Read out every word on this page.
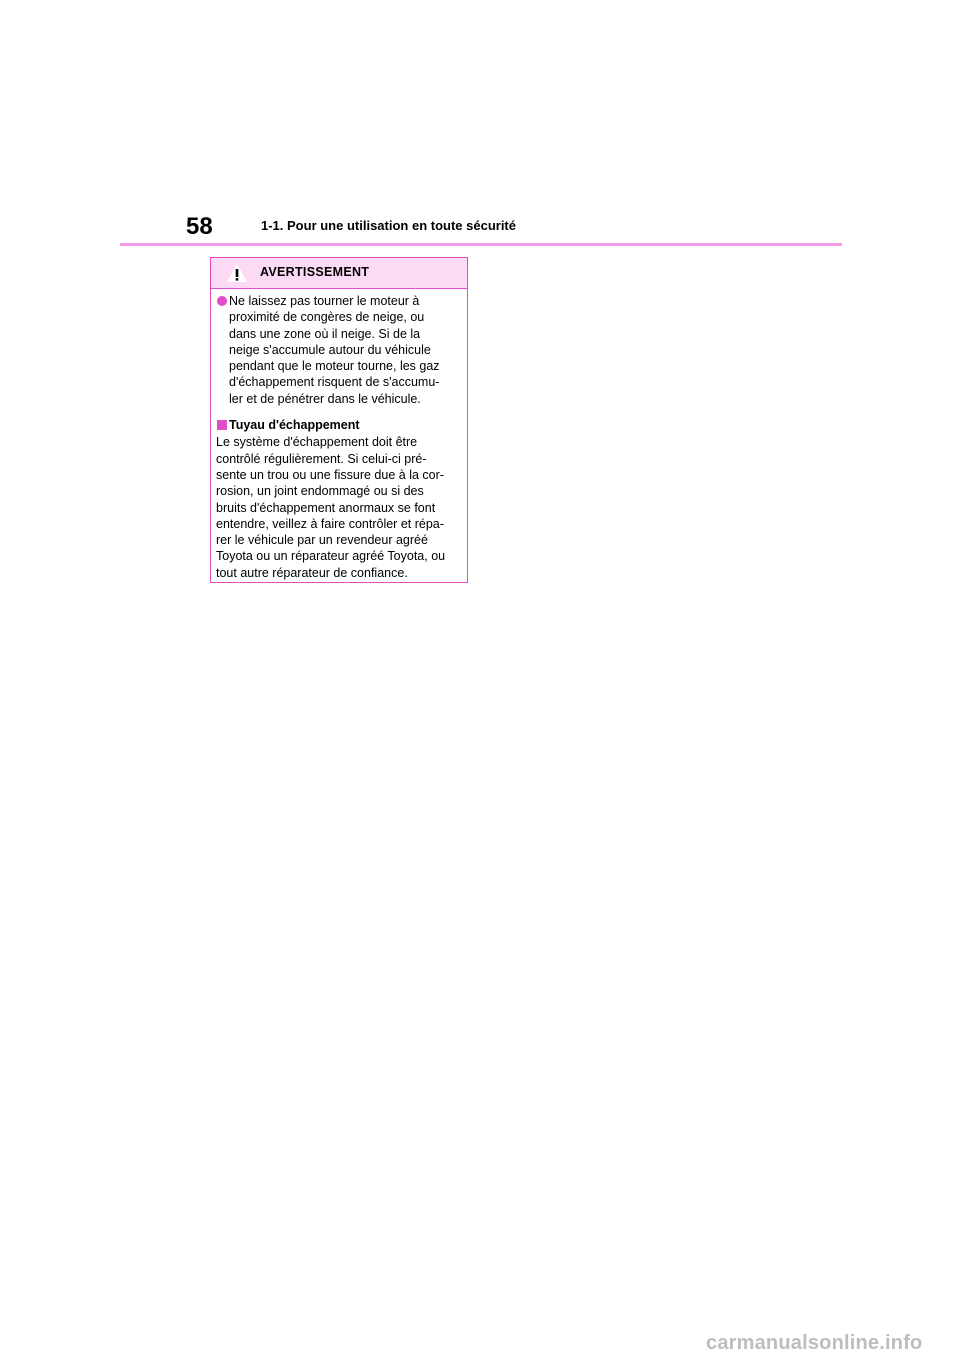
58	1-1. Pour une utilisation en toute sécurité
AVERTISSEMENT
Ne laissez pas tourner le moteur à
proximité de congères de neige, ou
dans une zone où il neige. Si de la
neige s'accumule autour du véhicule
pendant que le moteur tourne, les gaz
d'échappement risquent de s'accumu-
ler et de pénétrer dans le véhicule.
Tuyau d'échappement
Le système d'échappement doit être
contrôlé régulièrement. Si celui-ci pré-
sente un trou ou une fissure due à la cor-
rosion, un joint endommagé ou si des
bruits d'échappement anormaux se font
entendre, veillez à faire contrôler et répa-
rer le véhicule par un revendeur agréé
Toyota ou un réparateur agréé Toyota, ou
tout autre réparateur de confiance.
carmanualsonline.info
